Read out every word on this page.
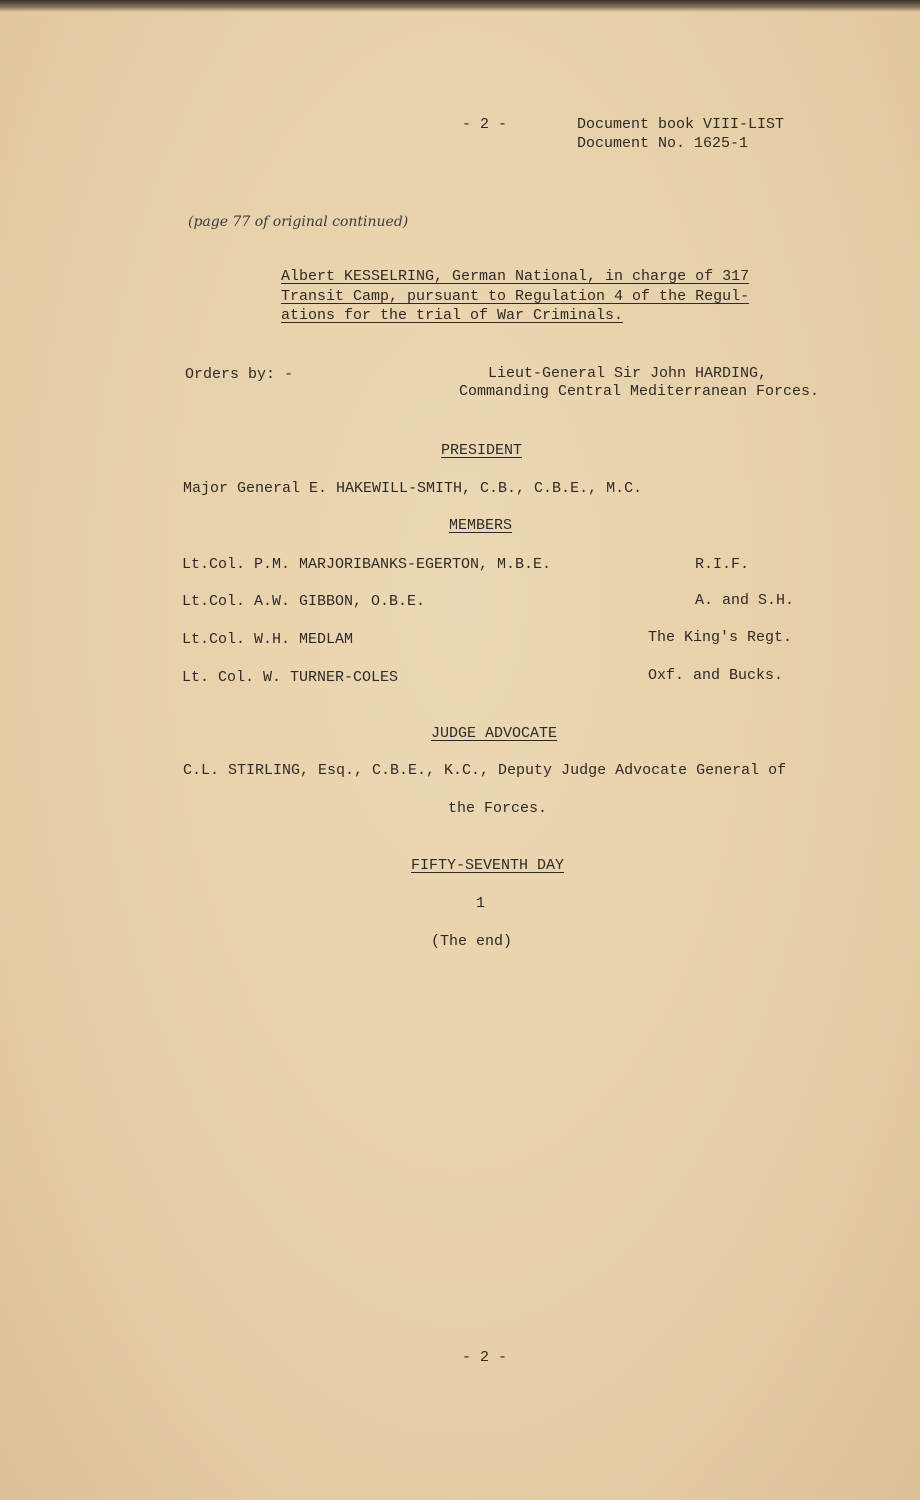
- 2 -	Document book VIII-LIST
Document No. 1625-1
(page 77 of original continued)
Albert KESSELRING, German National, in charge of 317
Transit Camp, pursuant to Regulation 4 of the Regul-
ations for the trial of War Criminals.
Orders by: -	Lieut-General Sir John HARDING,
Commanding Central Mediterranean Forces.
PRESIDENT
Major General E. HAKEWILL-SMITH, C.B., C.B.E., M.C.
MEMBERS
Lt.Col. P.M. MARJORIBANKS-EGERTON, M.B.E.	R.I.F.
Lt.Col. A.W. GIBBON, O.B.E.	A. and S.H.
Lt.Col. W.H. MEDLAM	The King's Regt.
Lt. Col. W. TURNER-COLES	Oxf. and Bucks.
JUDGE ADVOCATE
C.L. STIRLING, Esq., C.B.E., K.C., Deputy Judge Advocate General of
the Forces.
FIFTY-SEVENTH DAY
1
(The end)
- 2 -
